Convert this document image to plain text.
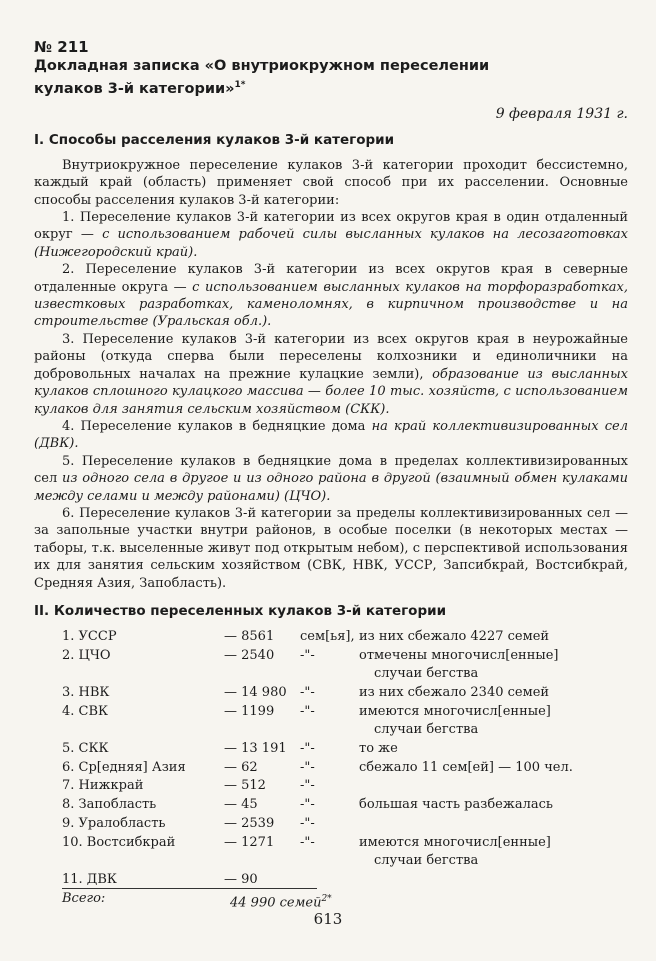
№ 211

Докладная записка «О внутриокружном переселении
кулаков 3-й категории»$^{1*}$

9 февраля 1931 г.

I. Способы расселения кулаков 3-й категории

Внутриокружное переселение кулаков 3-й категории проходит бессистемно, каждый край (область) применяет свой способ при их расселении. Основные способы расселения кулаков 3-й категории:

1. Переселение кулаков 3-й категории из всех округов края в один отдаленный округ — с использованием рабочей силы высланных кулаков на лесозаготовках (Нижегородский край).

2. Переселение кулаков 3-й категории из всех округов края в северные отдаленные округа — с использованием высланных кулаков на торфоразработках, известковых разработках, каменоломнях, в кирпичном производстве и на строительстве (Уральская обл.).

3. Переселение кулаков 3-й категории из всех округов края в неурожайные районы (откуда сперва были переселены колхозники и единоличники на добровольных началах на прежние кулацкие земли), образование из высланных кулаков сплошного кулацкого массива — более 10 тыс. хозяйств, с использованием кулаков для занятия сельским хозяйством (СКК).

4. Переселение кулаков в бедняцкие дома на край коллективизированных сел (ДВК).

5. Переселение кулаков в бедняцкие дома в пределах коллективизированных сел из одного села в другое и из одного района в другой (взаимный обмен кулаками между селами и между районами) (ЦЧО).

6. Переселение кулаков 3-й категории за пределы коллективизированных сел — за запольные участки внутри районов, в особые поселки (в некоторых местах — таборы, т.к. выселенные живут под открытым небом), с перспективой использования их для занятия сельским хозяйством (СВК, НВК, УССР, Запсибкрай, Востсибкрай, Средняя Азия, Запобласть).

II. Количество переселенных кулаков 3-й категории

1. УССР	— 8561 сем[ья], из них сбежало 4227 семей
2. ЦЧО	— 2540 -"-	отмечены многочисл[енные]
случаи бегства
3. НВК	— 14 980 -"-	из них сбежало 2340 семей
4. СВК	— 1199 -"-	имеются многочисл[енные]
случаи бегства
5. СКК	— 13 191 -"-	то же
6. Ср[едняя] Азия	— 62	-"-	сбежало 11 сем[ей] — 100 чел.
7. Нижкрай	— 512	-"-
8. Запобласть	— 45	-"-	большая часть разбежалась
9. Уралобласть	— 2539 -"-
10. Востсибкрай	— 1271 -"-	имеются многочисл[енные]
случаи бегства
11. ДВК	— 90
Всего:	44 990 семей$^{2*}$
613
